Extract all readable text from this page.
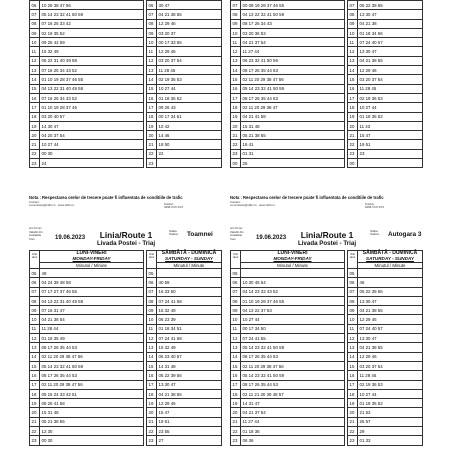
06	10 29 38 47 56
07	05 14 23 32 41 50 59
08	07 16 25 33 42
09	02 19 35 52
10	09 25 42 59
11	15 32 49
12	05 22 31 40 49 58
13	07 16 25 34 43 52
14	01 10 19 28 37 46 55
15	04 13 22 31 40 49 58
16	07 16 25 34 43 52
17	01 10 19 28 37 46
18	03 20 40 57
19	14 30 47
20	04 20 37 54
21	10 27 44
22	00 30
23	24
06	30 47
07	04 21 38 55
08	12 29 46
09	03 20 37
10	00 17 33 55
11	12 29 46
12	03 20 37 54
13	11 28 45
14	02 19 36 53
15	10 27 44
16	01 18 35 52
17	09 26 43
18	00 17 34 51
19	10 42
20	14 46
21	18 50
22	22
23	
Nota : Respectarea orelor de trecere poate fi influentata de conditiile de trafic
Contact:
comunicare@ratbv.ro · www.ratbv.ro	Telefon:
0268-XXX-XXX
07	00 09 19 28 37 46 55
08	04 13 22 32 41 50 59
09	08 17 26 34 43
10	03 20 36 53
11	04 21 37 54
12	11 27 44
13	06 23 32 41 50 59
14	08 17 26 35 44 53
15	02 11 20 29 38 47 56
16	05 14 23 32 41 50 59
17	08 17 26 35 44 53
18	02 11 20 29 38 47
19	04 21 41 58
20	15 31 48
21	05 21 38 55
22	16 41
23	01 31
00	25
07	05 22 39 56
08	13 30 47
09	04 21 38
10	01 18 34 56
11	07 24 40 57
12	13 30 47
13	04 21 38 55
14	12 29 46
15	03 20 37 54
16	11 28 45
17	02 19 36 53
18	10 27 44
19	01 18 35 52
20	11 43
21	15 47
22	19 51
23	23
00	
Nota : Respectarea orelor de trecere poate fi influentata de conditiile de trafic
Contact:
comunicare@ratbv.ro · www.ratbv.ro	Telefon:
0268-XXX-XXX
Art.Nr./ax
Valabil din
Available
from	19.06.2023	Linia/Route 1
Livada Postei - Triaj
Stația
Station	Toamnei
Ora/
Hour
LUNI-VINERI
MONDAY-FRIDAY
Minutul / Minute
Ora/
Hour
SÂMBĂTĂ - DUMINICĂ
SATURDAY - SUNDAY
Minutul / Minute
05	49
06	04 24 39 48 58
07	07 17 27 37 46 55
08	04 13 22 31 40 49 58
09	07 16 31 47
10	04 21 38 54
11	11 28 44
12	01 18 35 49
13	08 17 26 35 44 53
14	02 11 20 29 38 47 56
15	05 14 23 32 41 50 59
16	08 17 26 35 44 53
17	02 11 20 29 38 47 56
18	05 15 24 33 42 51
19	08 25 41 58
20	15 31 48
21	05 21 38 55
22	12 30
23	00 30
05	
06	40 59
07	16 33 50
08	07 24 41 58
09	15 32 49
10	06 23 39
11	01 18 34 51
12	07 24 41 58
13	15 32 49
14	06 23 40 57
15	14 31 48
16	05 22 39 56
17	13 30 47
18	04 21 38 55
19	12 29 46
20	15 47
21	19 51
22	23 55
23	27
Art.Nr./ax
Valabil din
Available
from	19.06.2023	Linia/Route 1
Livada Postei - Triaj
Stația
Station	Autogara 3
Ora/
Hour
LUNI-VINERI
MONDAY-FRIDAY
Minutul / Minute
Ora/
Hour
SÂMBĂTĂ - DUMINICĂ
SATURDAY - SUNDAY
Minutul / Minute
05	
06	10 30 45 54
07	04 14 23 33 43 52
08	01 10 19 28 37 46 55
09	04 13 22 37 53
10	10 27 44
11	00 17 34 50
12	07 24 41 55
13	05 14 23 32 41 50 59
14	08 17 26 35 44 53
15	02 11 20 29 38 47 56
16	05 14 23 32 41 50 59
17	08 17 26 35 44 53
18	02 11 21 30 39 48 57
19	14 31 47
20	04 21 37 54
21	11 27 44
22	01 18 36
23	06 36
05	
06	46
07	05 22 39 56
08	13 30 47
09	04 21 38 55
10	12 29 45
11	07 24 40 57
12	13 30 47
13	04 21 38 55
14	12 29 46
15	03 20 37 54
16	11 28 45
17	02 19 36 53
18	10 27 44
19	01 18 35 52
20	21 53
21	25 57
22	29
23	01 33
